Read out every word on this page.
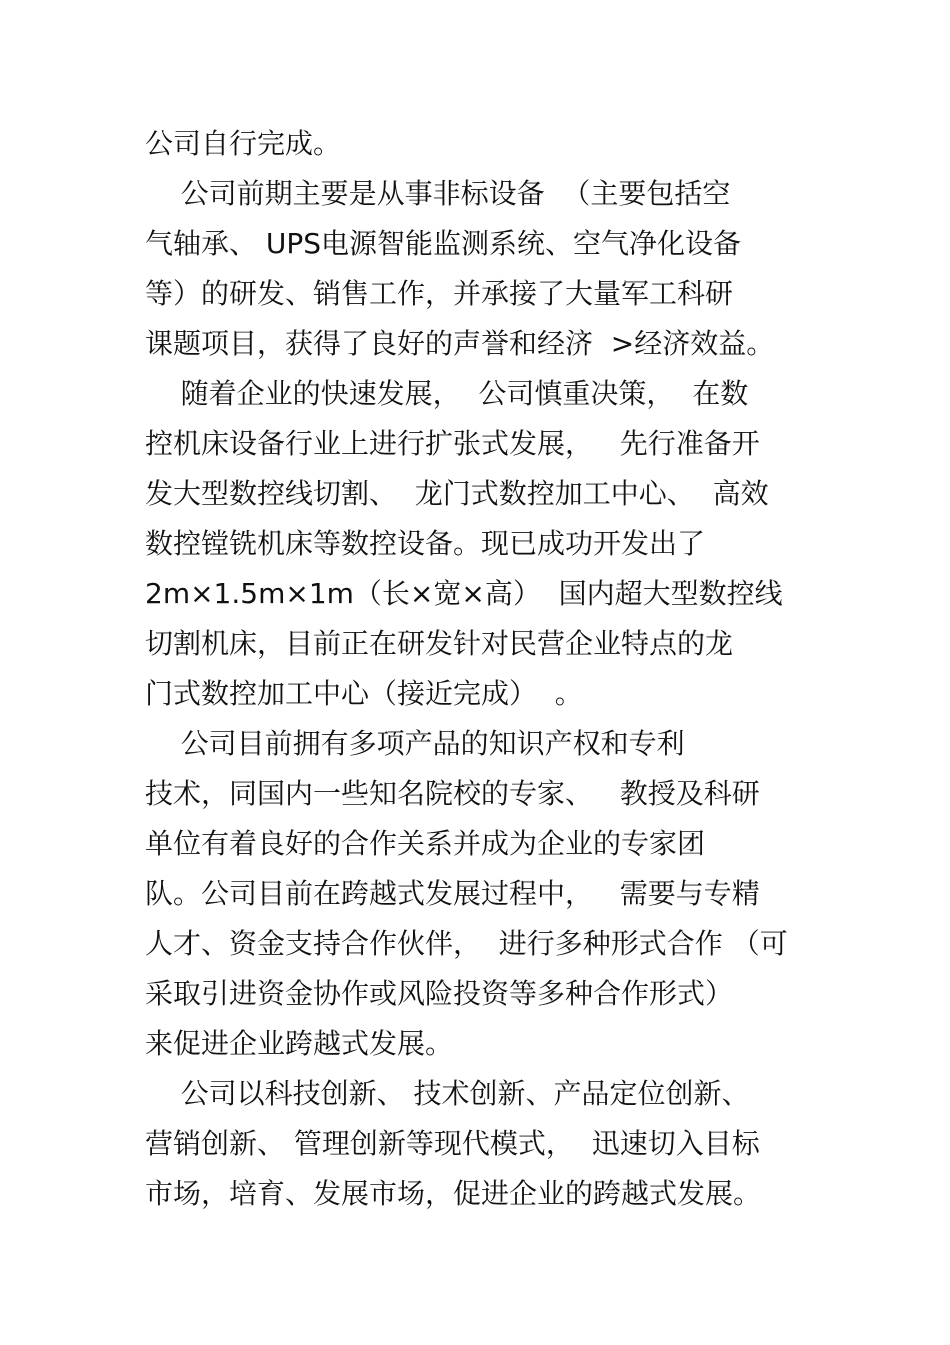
公司自行完成。
公司前期主要是从事非标设备  （主要包括空
气轴承、 UPS电源智能监测系统、空气净化设备
等）的研发、销售工作，并承接了大量军工科研
课题项目，获得了良好的声誉和经济  >经济效益。
随着企业的快速发展，  公司慎重决策，  在数
控机床设备行业上进行扩张式发展，   先行准备开
发大型数控线切割、  龙门式数控加工中心、  高效
数控镗铣机床等数控设备。现已成功开发出了
2m×1.5m×1m（长×宽×高）  国内超大型数控线
切割机床，目前正在研发针对民营企业特点的龙
门式数控加工中心（接近完成）  。
公司目前拥有多项产品的知识产权和专利
技术，同国内一些知名院校的专家、   教授及科研
单位有着良好的合作关系并成为企业的专家团
队。公司目前在跨越式发展过程中，   需要与专精
人才、资金支持合作伙伴，  进行多种形式合作 （可
采取引进资金协作或风险投资等多种合作形式）
来促进企业跨越式发展。
公司以科技创新、 技术创新、产品定位创新、
营销创新、 管理创新等现代模式，  迅速切入目标
市场，培育、发展市场，促进企业的跨越式发展。
